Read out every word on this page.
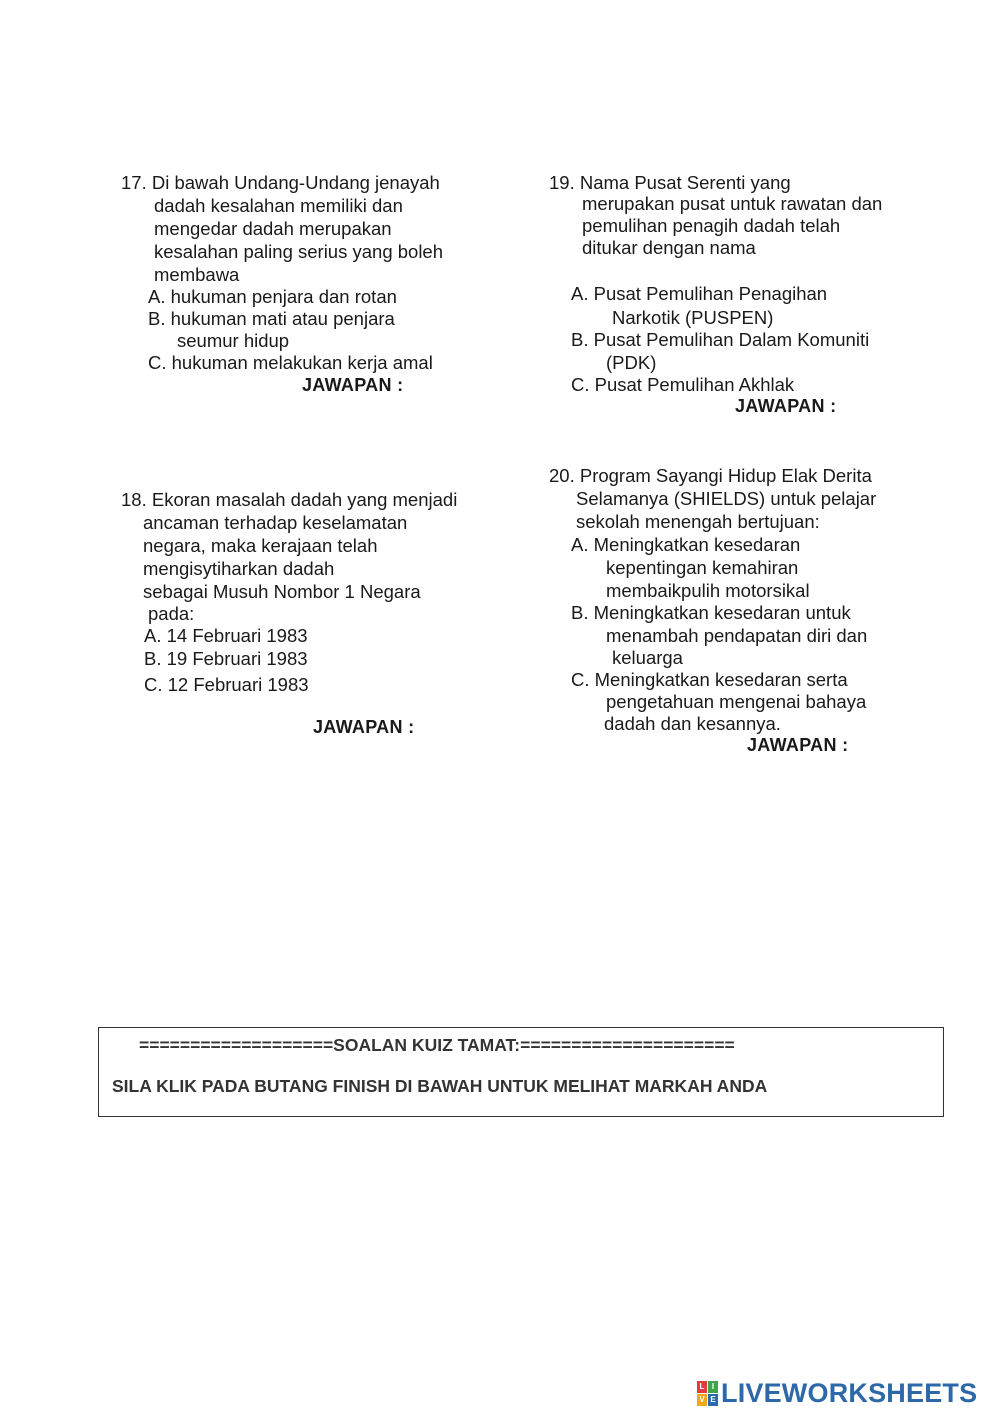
17. Di bawah Undang-Undang jenayah
dadah kesalahan memiliki dan
mengedar dadah merupakan
kesalahan paling serius yang boleh
membawa
A. hukuman penjara dan rotan
B. hukuman mati atau penjara
seumur hidup
C. hukuman melakukan kerja amal
JAWAPAN :
18. Ekoran masalah dadah yang menjadi
ancaman terhadap keselamatan
negara, maka kerajaan telah
mengisytiharkan dadah
sebagai Musuh Nombor 1 Negara
pada:
A. 14 Februari 1983
B. 19 Februari 1983
C. 12 Februari 1983
JAWAPAN :
19. Nama Pusat Serenti yang
merupakan pusat untuk rawatan dan
pemulihan penagih dadah telah
ditukar dengan nama
A. Pusat Pemulihan Penagihan
Narkotik (PUSPEN)
B. Pusat Pemulihan Dalam Komuniti
(PDK)
C. Pusat Pemulihan Akhlak
JAWAPAN :
20. Program Sayangi Hidup Elak Derita
Selamanya (SHIELDS) untuk pelajar
sekolah menengah bertujuan:
A. Meningkatkan kesedaran
kepentingan kemahiran
membaikpulih motorsikal
B. Meningkatkan kesedaran untuk
menambah pendapatan diri dan
keluarga
C. Meningkatkan kesedaran serta
pengetahuan mengenai bahaya
dadah dan kesannya.
JAWAPAN :
===================SOALAN KUIZ TAMAT:=====================
SILA KLIK PADA BUTANG FINISH DI BAWAH UNTUK MELIHAT MARKAH ANDA
L I
V E LIVEWORKSHEETS
